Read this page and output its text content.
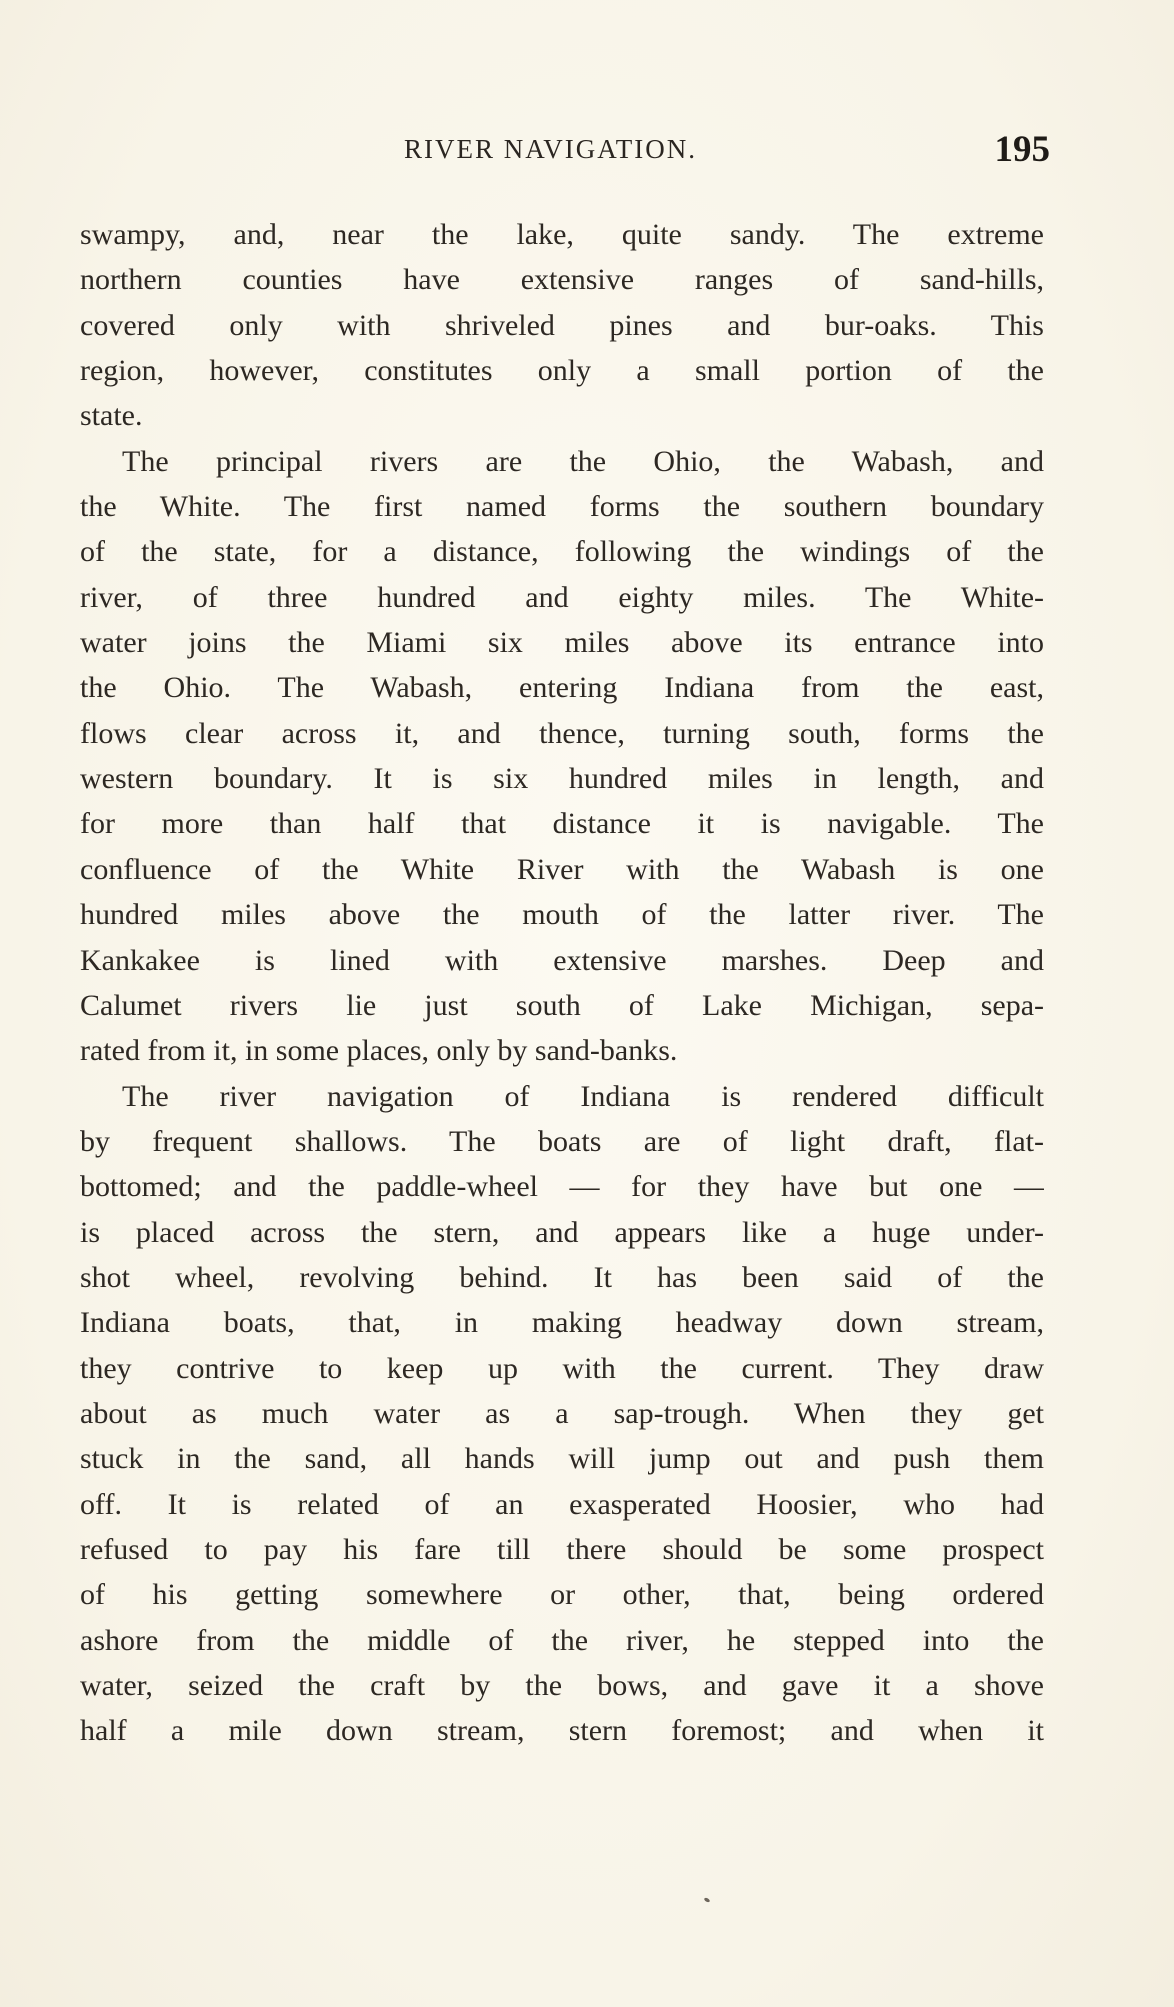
RIVER NAVIGATION.	195
swampy, and, near the lake, quite sandy. The extreme
northern counties have extensive ranges of sand-hills,
covered only with shriveled pines and bur-oaks. This
region, however, constitutes only a small portion of the
state.
The principal rivers are the Ohio, the Wabash, and
the White. The first named forms the southern boundary
of the state, for a distance, following the windings of the
river, of three hundred and eighty miles. The White-
water joins the Miami six miles above its entrance into
the Ohio. The Wabash, entering Indiana from the east,
flows clear across it, and thence, turning south, forms the
western boundary. It is six hundred miles in length, and
for more than half that distance it is navigable. The
confluence of the White River with the Wabash is one
hundred miles above the mouth of the latter river. The
Kankakee is lined with extensive marshes. Deep and
Calumet rivers lie just south of Lake Michigan, sepa-
rated from it, in some places, only by sand-banks.
The river navigation of Indiana is rendered difficult
by frequent shallows. The boats are of light draft, flat-
bottomed; and the paddle-wheel — for they have but one —
is placed across the stern, and appears like a huge under-
shot wheel, revolving behind. It has been said of the
Indiana boats, that, in making headway down stream,
they contrive to keep up with the current. They draw
about as much water as a sap-trough. When they get
stuck in the sand, all hands will jump out and push them
off. It is related of an exasperated Hoosier, who had
refused to pay his fare till there should be some prospect
of his getting somewhere or other, that, being ordered
ashore from the middle of the river, he stepped into the
water, seized the craft by the bows, and gave it a shove
half a mile down stream, stern foremost; and when it
